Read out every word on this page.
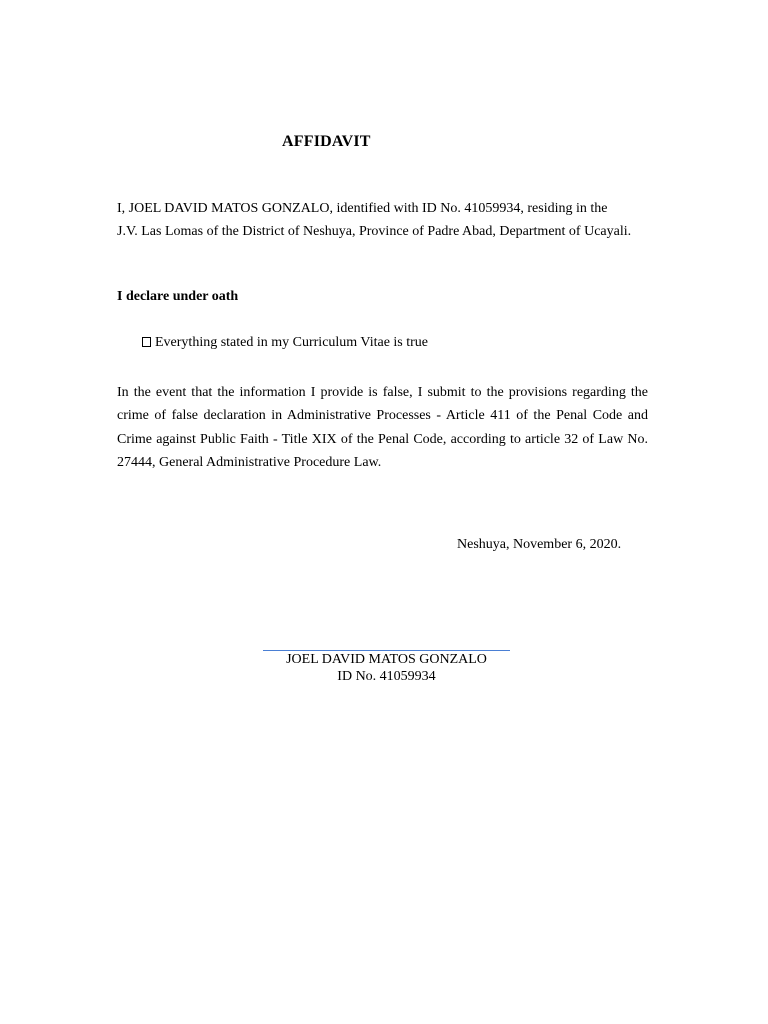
AFFIDAVIT

I, JOEL DAVID MATOS GONZALO, identified with ID No. 41059934, residing in the
J.V. Las Lomas of the District of Neshuya, Province of Padre Abad, Department of Ucayali.

I declare under oath

Everything stated in my Curriculum Vitae is true

In the event that the information I provide is false, I submit to the provisions regarding the crime of false declaration in Administrative Processes - Article 411 of the Penal Code and Crime against Public Faith - Title XIX of the Penal Code, according to article 32 of Law No. 27444, General Administrative Procedure Law.

Neshuya, November 6, 2020.

JOEL DAVID MATOS GONZALO
ID No. 41059934
